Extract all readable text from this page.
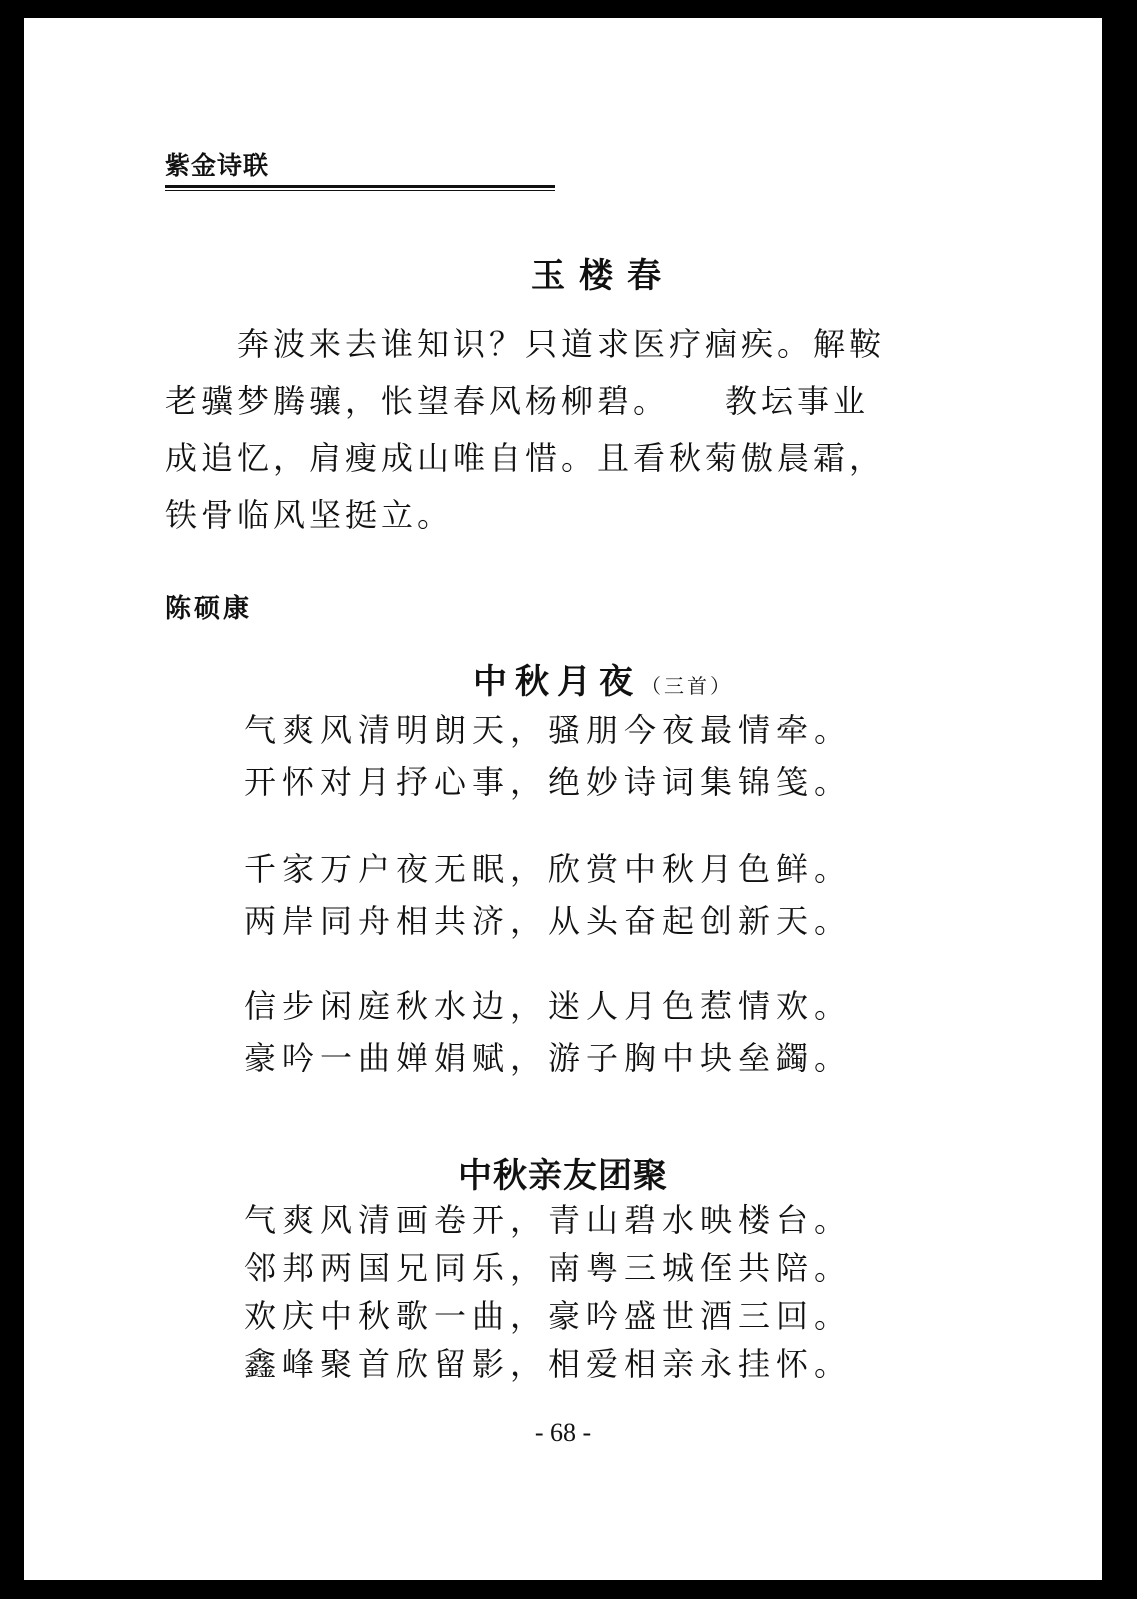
紫金诗联
玉楼春
　　奔波来去谁知识？只道求医疗痼疾。解鞍
老骥梦腾骧，怅望春风杨柳碧。　　教坛事业
成追忆，肩瘦成山唯自惜。且看秋菊傲晨霜，
铁骨临风坚挺立。
陈硕康
中秋月夜（三首）
气爽风清明朗天，骚朋今夜最情牵。
开怀对月抒心事，绝妙诗词集锦笺。
千家万户夜无眠，欣赏中秋月色鲜。
两岸同舟相共济，从头奋起创新天。
信步闲庭秋水边，迷人月色惹情欢。
豪吟一曲婵娟赋，游子胸中块垒蠲。
中秋亲友团聚
气爽风清画卷开，青山碧水映楼台。
邻邦两国兄同乐，南粤三城侄共陪。
欢庆中秋歌一曲，豪吟盛世酒三回。
鑫峰聚首欣留影，相爱相亲永挂怀。
- 68 -
